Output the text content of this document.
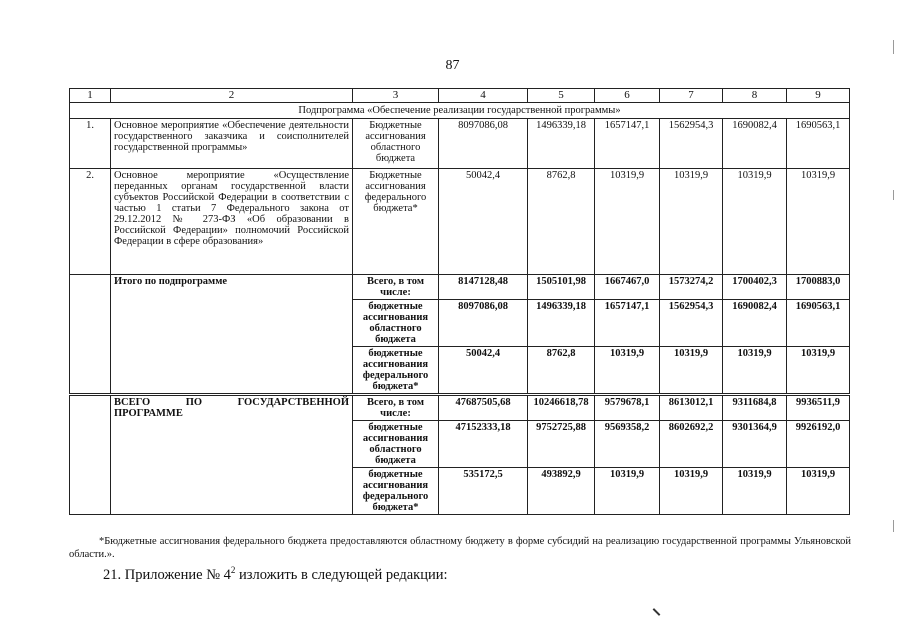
87
1	2	3	4	5	6	7	8	9
Подпрограмма «Обеспечение реализации государственной программы»								
1.	Основное мероприятие «Обеспечение деятельности государственного заказчика и соисполнителей государственной программы»	Бюджетные ассигнования областного бюджета	8097086,08	1496339,18	1657147,1	1562954,3	1690082,4	1690563,1
2.	Основное мероприятие «Осуществление переданных органам государственной власти субъектов Российской Федерации в соответствии с частью 1 статьи 7 Федерального закона от 29.12.2012 № 273-ФЗ «Об образовании в Российской Федерации» полномочий Российской Федерации в сфере образования»	Бюджетные ассигнования федерального бюджета*	50042,4	8762,8	10319,9	10319,9	10319,9	10319,9
	Итого по подпрограмме	Всего, в том числе:	8147128,48	1505101,98	1667467,0	1573274,2	1700402,3	1700883,0
		бюджетные ассигнования областного бюджета	8097086,08	1496339,18	1657147,1	1562954,3	1690082,4	1690563,1
		бюджетные ассигнования федерального бюджета*	50042,4	8762,8	10319,9	10319,9	10319,9	10319,9
	ВСЕГО ПО ГОСУДАРСТВЕННОЙ ПРОГРАММЕ	Всего, в том числе:	47687505,68	10246618,78	9579678,1	8613012,1	9311684,8	9936511,9
		бюджетные ассигнования областного бюджета	47152333,18	9752725,88	9569358,2	8602692,2	9301364,9	9926192,0
		бюджетные ассигнования федерального бюджета*	535172,5	493892,9	10319,9	10319,9	10319,9	10319,9
*Бюджетные ассигнования федерального бюджета предоставляются областному бюджету в форме субсидий на реализацию государственной программы Ульяновской области.».
21. Приложение № $4^2$ изложить в следующей редакции:
